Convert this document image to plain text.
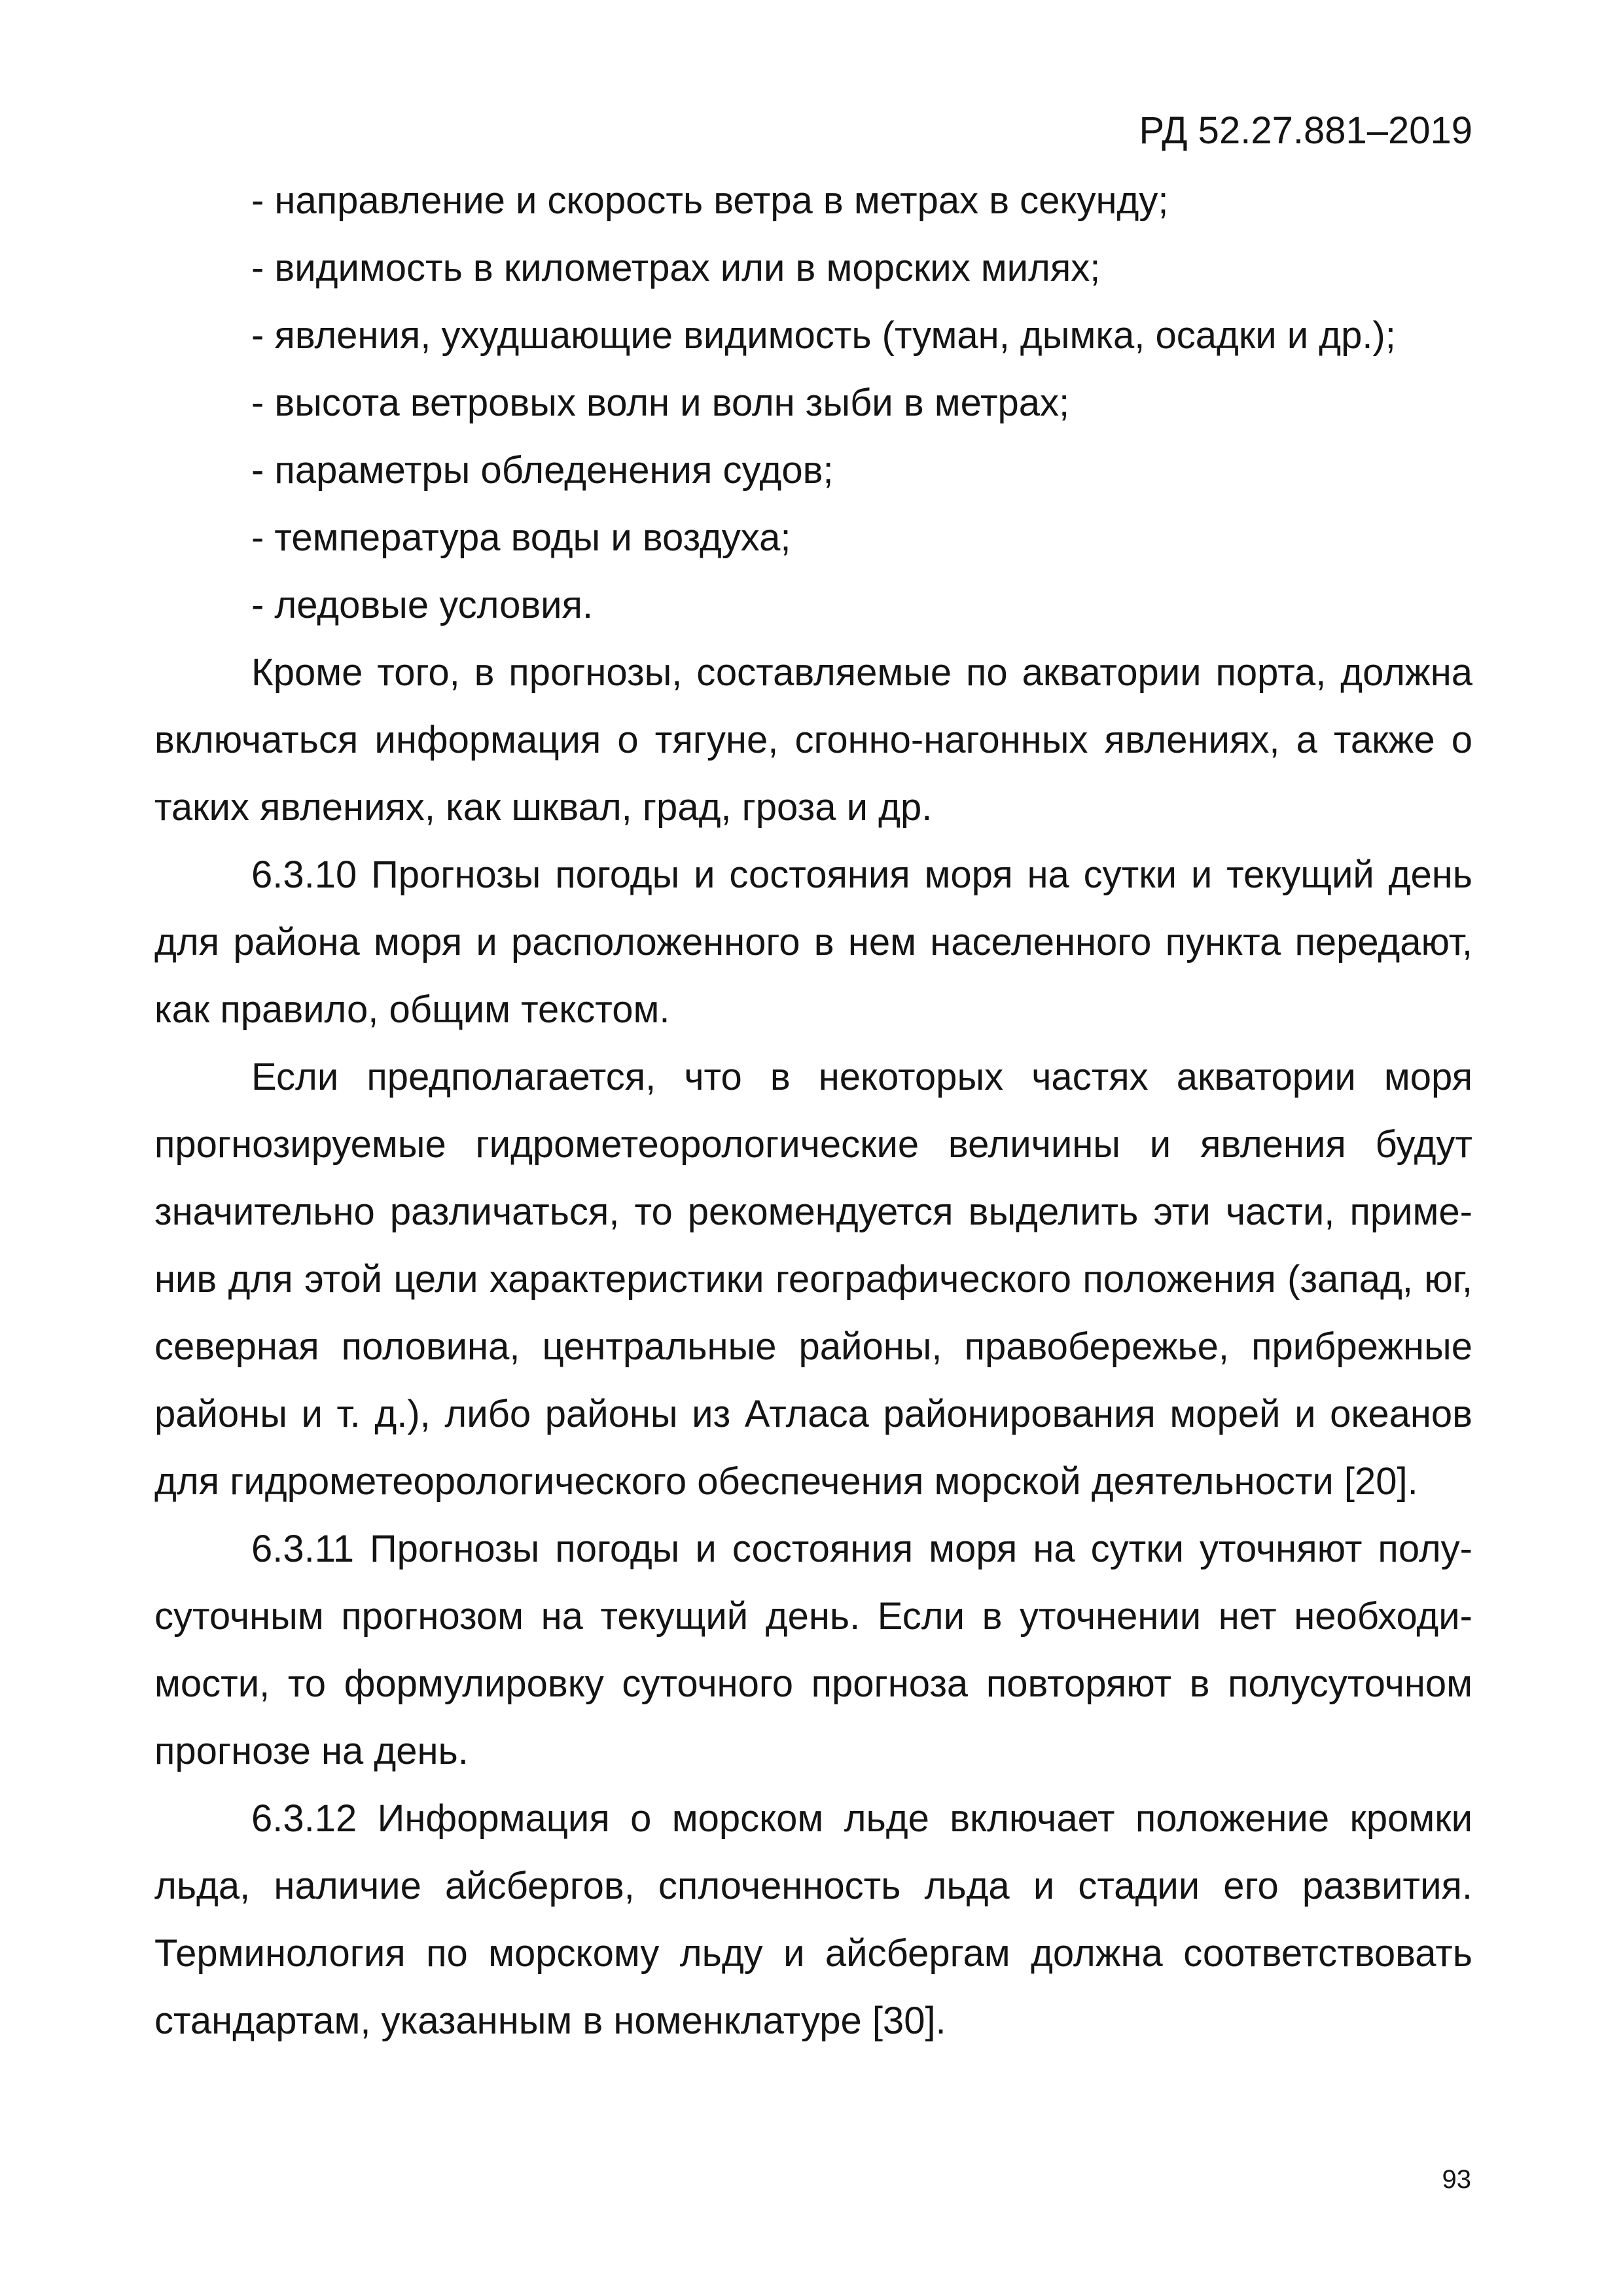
РД 52.27.881–2019

- направление и скорость ветра в метрах в секунду;

- видимость в километрах или в морских милях;

- явления, ухудшающие видимость (туман, дымка, осадки и др.);

- высота ветровых волн и волн зыби в метрах;

- параметры обледенения судов;

- температура воды и воздуха;

- ледовые условия.

Кроме того, в прогнозы, составляемые по акватории порта, должна включаться информация о тягуне, сгонно-нагонных явлениях, а также о таких явлениях, как шквал, град, гроза и др.

6.3.10 Прогнозы погоды и состояния моря на сутки и текущий день для района моря и расположенного в нем населенного пункта передают, как правило, общим текстом.

Если предполагается, что в некоторых частях акватории моря прогнозируемые гидрометеорологические величины и явления будут значительно различаться, то рекомендуется выделить эти части, применив для этой цели характеристики географического положения (запад, юг, северная половина, центральные районы, правобережье, прибрежные районы и т. д.), либо районы из Атласа районирования морей и океанов для гидрометеорологического обеспечения морской деятельности [20].

6.3.11 Прогнозы погоды и состояния моря на сутки уточняют полусуточным прогнозом на текущий день. Если в уточнении нет необходимости, то формулировку суточного прогноза повторяют в полусуточном прогнозе на день.

6.3.12 Информация о морском льде включает положение кромки льда, наличие айсбергов, сплоченность льда и стадии его развития. Терминология по морскому льду и айсбергам должна соответствовать стандартам, указанным в номенклатуре [30].

93
